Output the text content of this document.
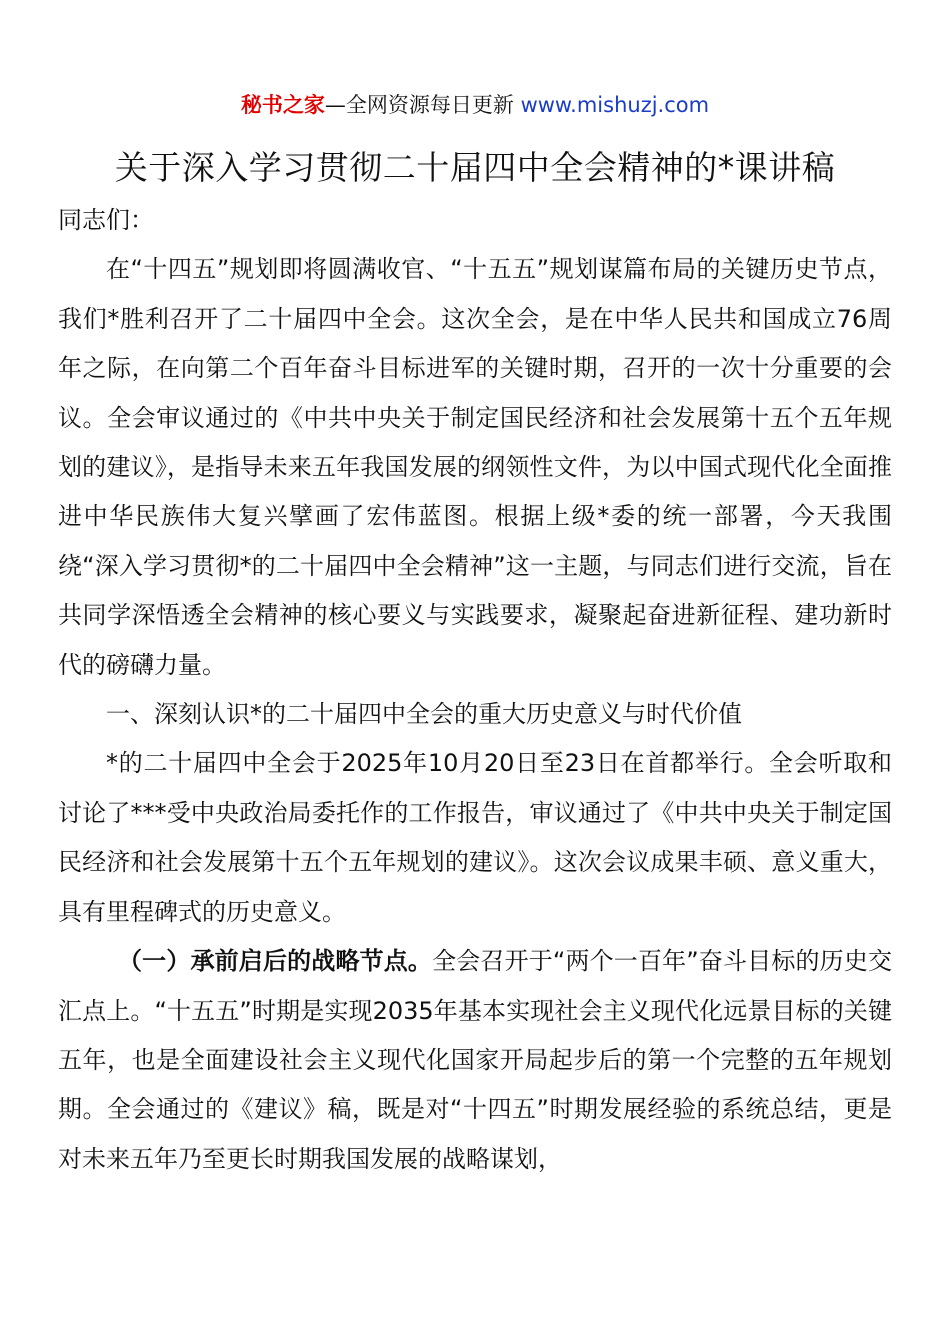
秘书之家—全网资源每日更新 www.mishuzj.com
关于深入学习贯彻二十届四中全会精神的*课讲稿

同志们：

在“十四五”规划即将圆满收官、“十五五”规划谋篇布局的关键历史节点，我们*胜利召开了二十届四中全会。这次全会，是在中华人民共和国成立76周年之际，在向第二个百年奋斗目标进军的关键时期，召开的一次十分重要的会议。全会审议通过的《中共中央关于制定国民经济和社会发展第十五个五年规划的建议》，是指导未来五年我国发展的纲领性文件，为以中国式现代化全面推进中华民族伟大复兴擘画了宏伟蓝图。根据上级*委的统一部署，今天我围绕“深入学习贯彻*的二十届四中全会精神”这一主题，与同志们进行交流，旨在共同学深悟透全会精神的核心要义与实践要求，凝聚起奋进新征程、建功新时代的磅礴力量。

一、深刻认识*的二十届四中全会的重大历史意义与时代价值

*的二十届四中全会于2025年10月20日至23日在首都举行。全会听取和讨论了***受中央政治局委托作的工作报告，审议通过了《中共中央关于制定国民经济和社会发展第十五个五年规划的建议》。这次会议成果丰硕、意义重大，具有里程碑式的历史意义。

（一）承前启后的战略节点。全会召开于“两个一百年”奋斗目标的历史交汇点上。“十五五”时期是实现2035年基本实现社会主义现代化远景目标的关键五年，也是全面建设社会主义现代化国家开局起步后的第一个完整的五年规划期。全会通过的《建议》稿，既是对“十四五”时期发展经验的系统总结，更是对未来五年乃至更长时期我国发展的战略谋划，
